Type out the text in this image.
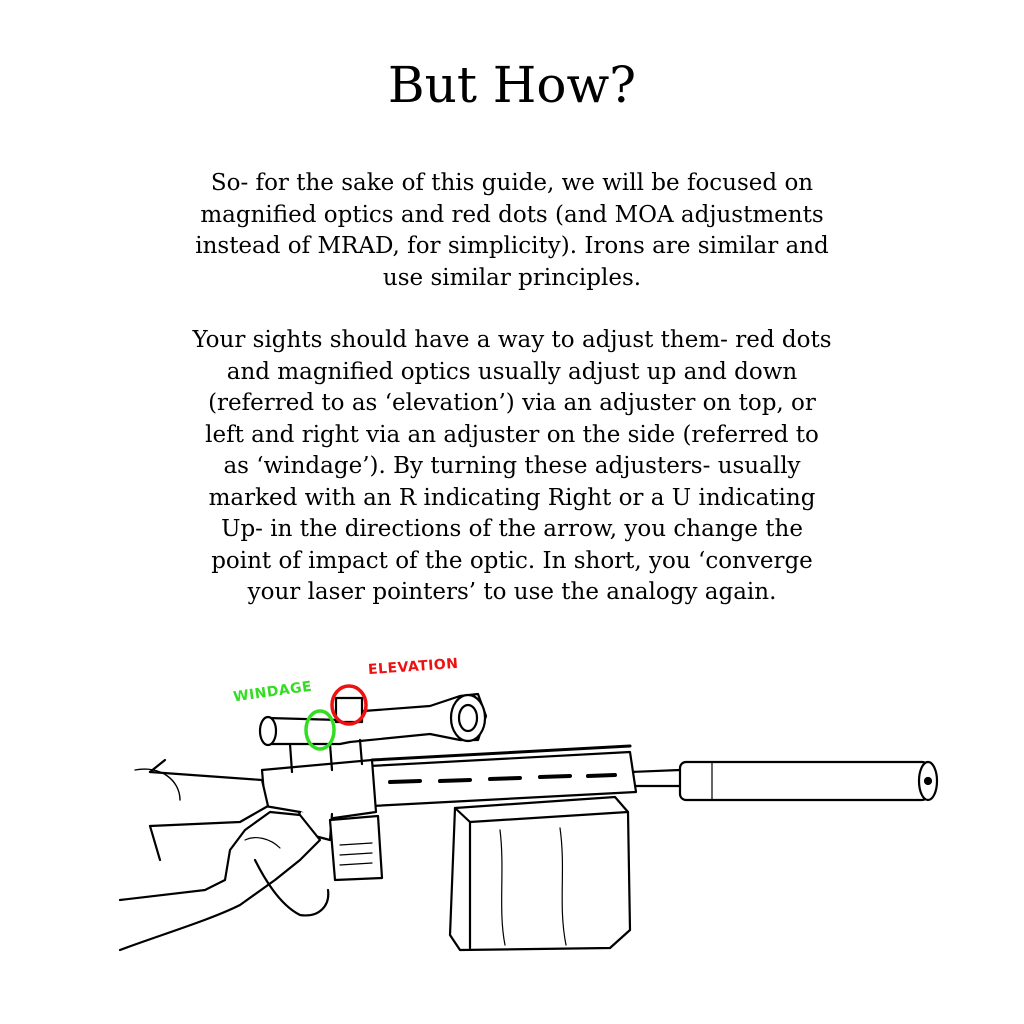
But How?
So- for the sake of this guide, we will be focused on
magnified optics and red dots (and MOA adjustments
instead of MRAD, for simplicity). Irons are similar and
use similar principles.
Your sights should have a way to adjust them- red dots
and magnified optics usually adjust up and down
(referred to as ‘elevation’) via an adjuster on top, or
left and right via an adjuster on the side (referred to
as ‘windage’). By turning these adjusters- usually
marked with an R indicating Right or a U indicating
Up- in the directions of the arrow, you change the
point of impact of the optic. In short, you ‘converge
your laser pointers’ to use the analogy again.
WINDAGE
ELEVATION
